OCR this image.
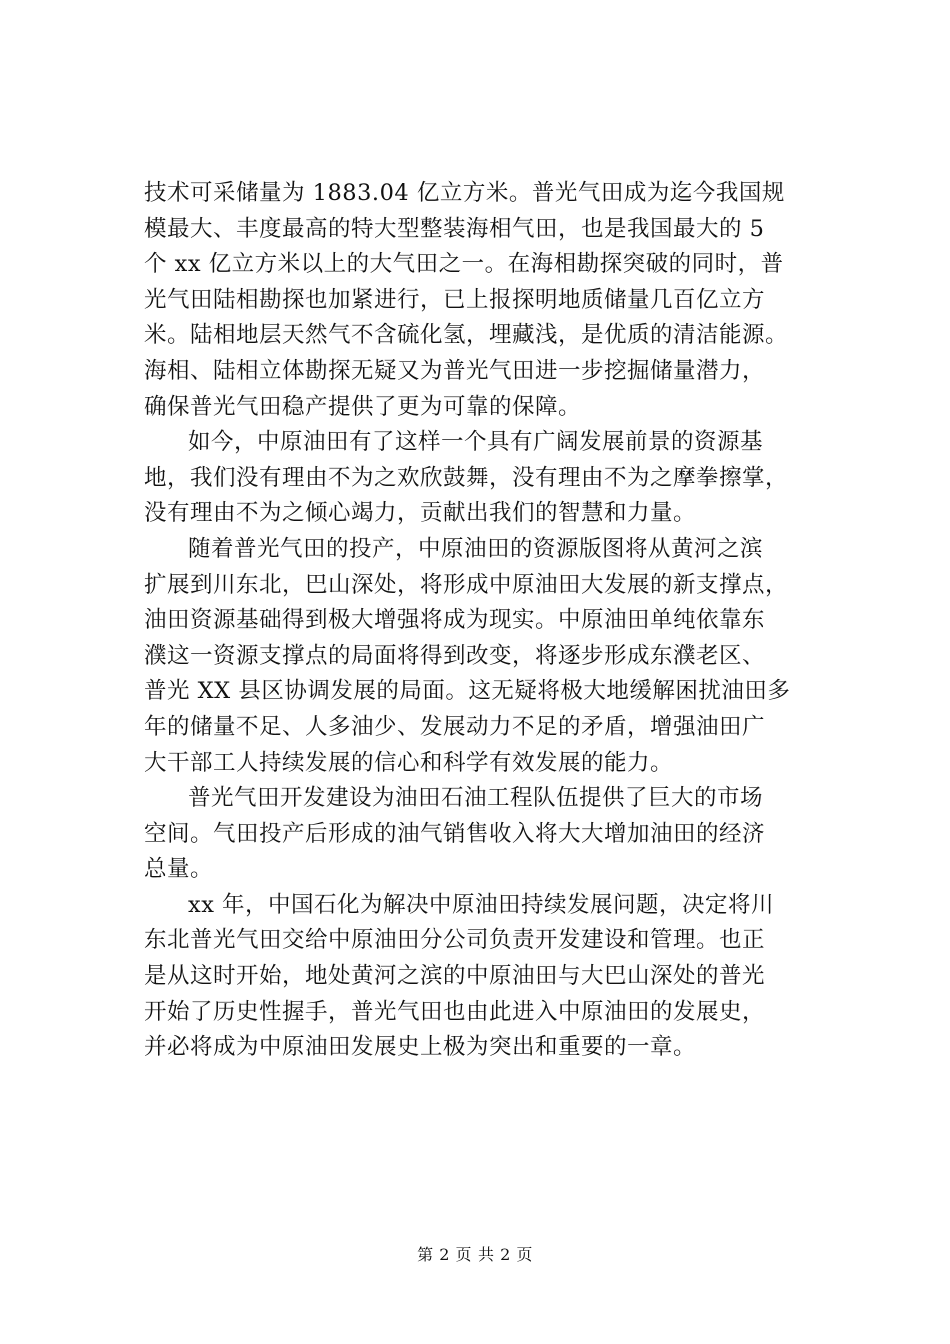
技术可采储量为 1883.04 亿立方米。普光气田成为迄今我国规
模最大、丰度最高的特大型整装海相气田，也是我国最大的 5
个 xx 亿立方米以上的大气田之一。在海相勘探突破的同时，普
光气田陆相勘探也加紧进行，已上报探明地质储量几百亿立方
米。陆相地层天然气不含硫化氢，埋藏浅，是优质的清洁能源。
海相、陆相立体勘探无疑又为普光气田进一步挖掘储量潜力，
确保普光气田稳产提供了更为可靠的保障。
如今，中原油田有了这样一个具有广阔发展前景的资源基
地，我们没有理由不为之欢欣鼓舞，没有理由不为之摩拳擦掌，
没有理由不为之倾心竭力，贡献出我们的智慧和力量。
随着普光气田的投产，中原油田的资源版图将从黄河之滨
扩展到川东北，巴山深处，将形成中原油田大发展的新支撑点，
油田资源基础得到极大增强将成为现实。中原油田单纯依靠东
濮这一资源支撑点的局面将得到改变，将逐步形成东濮老区、
普光 XX 县区协调发展的局面。这无疑将极大地缓解困扰油田多
年的储量不足、人多油少、发展动力不足的矛盾，增强油田广
大干部工人持续发展的信心和科学有效发展的能力。
普光气田开发建设为油田石油工程队伍提供了巨大的市场
空间。气田投产后形成的油气销售收入将大大增加油田的经济
总量。
xx 年，中国石化为解决中原油田持续发展问题，决定将川
东北普光气田交给中原油田分公司负责开发建设和管理。也正
是从这时开始，地处黄河之滨的中原油田与大巴山深处的普光
开始了历史性握手，普光气田也由此进入中原油田的发展史，
并必将成为中原油田发展史上极为突出和重要的一章。
第 2 页 共 2 页
